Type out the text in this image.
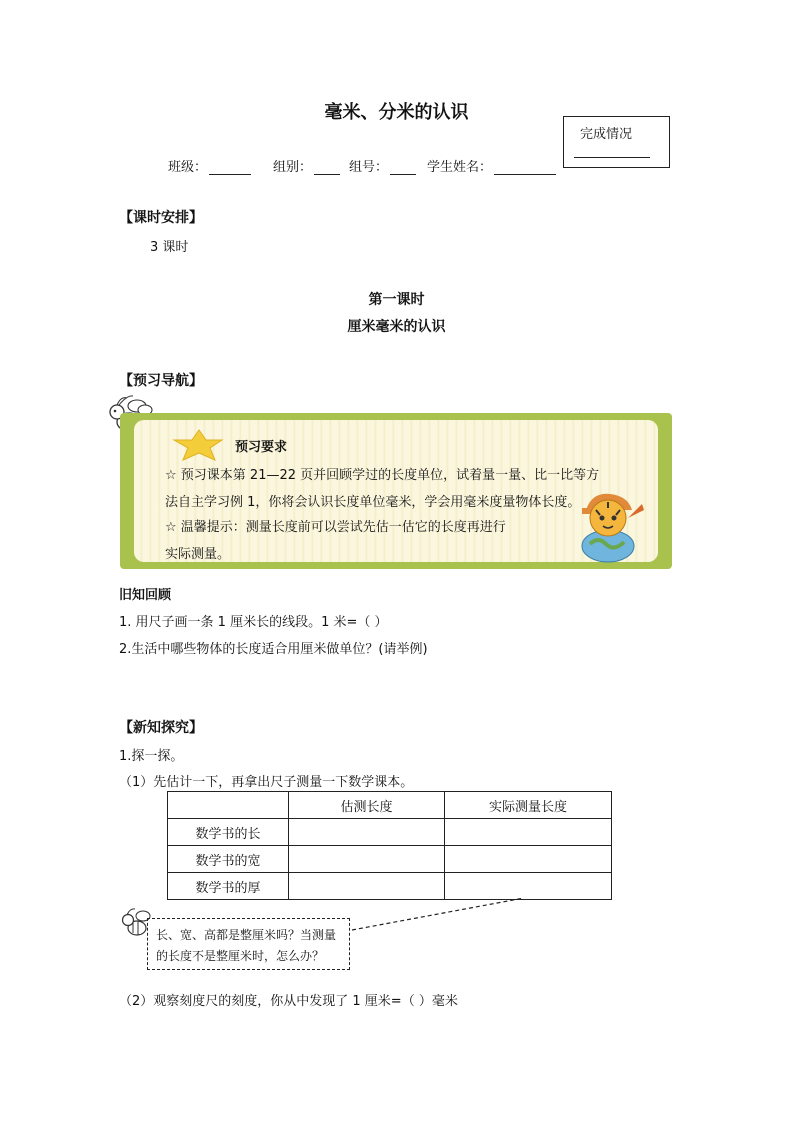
毫米、分米的认识
完成情况
班级：	组别：	组号：	学生姓名：
【课时安排】
3 课时
第一课时
厘米毫米的认识
【预习导航】
预习要求
☆ 预习课本第 21—22 页并回顾学过的长度单位，试着量一量、比一比等方
法自主学习例 1，你将会认识长度单位毫米，学会用毫米度量物体长度。
☆ 温馨提示：测量长度前可以尝试先估一估它的长度再进行
实际测量。
旧知回顾
1. 用尺子画一条 1 厘米长的线段。1 米=（ ）
2.生活中哪些物体的长度适合用厘米做单位？(请举例)
【新知探究】
1.探一探。
（1）先估计一下，再拿出尺子测量一下数学课本。
	估测长度	实际测量长度
数学书的长		
数学书的宽		
数学书的厚		
长、宽、高都是整厘米吗？当测量
的长度不是整厘米时，怎么办？
（2）观察刻度尺的刻度，你从中发现了 1 厘米=（ ）毫米
